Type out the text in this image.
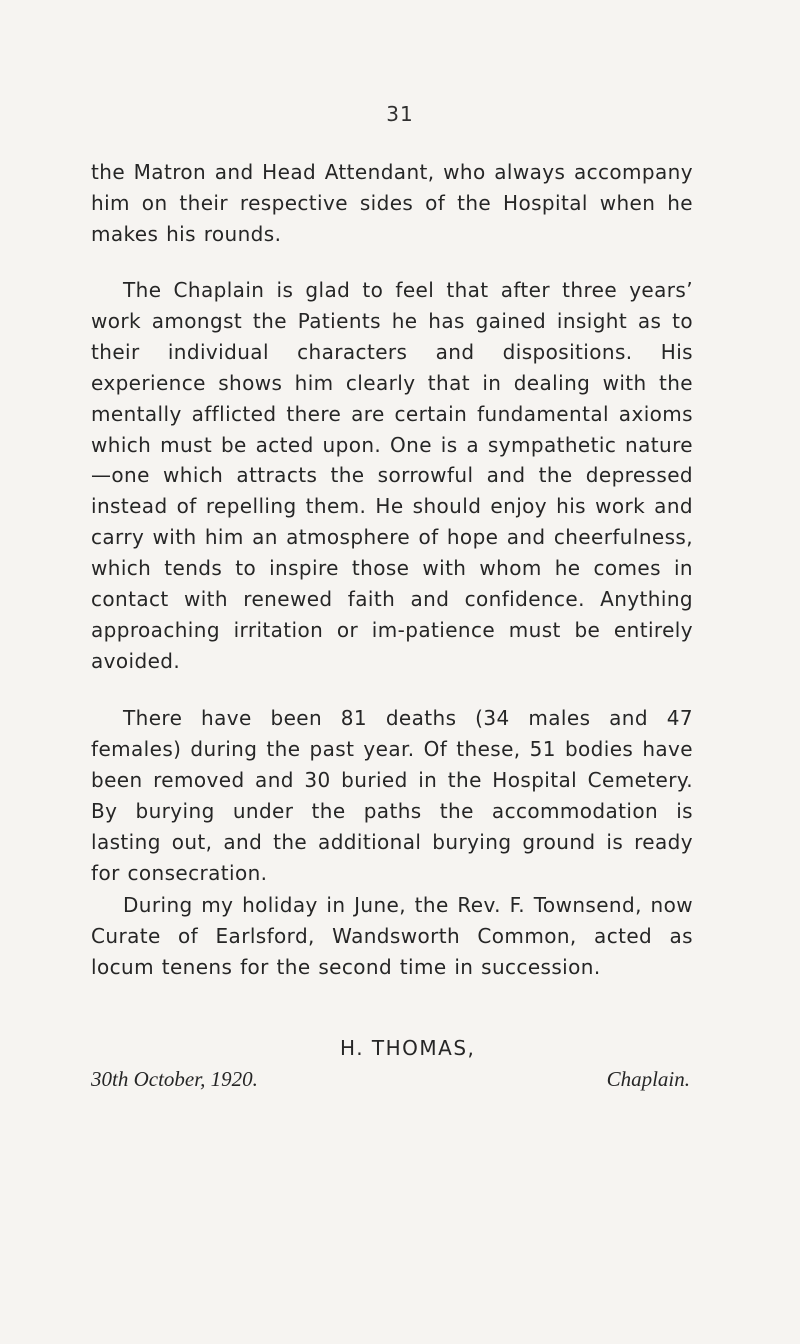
31

the Matron and Head Attendant, who always accompany him on their respective sides of the Hospital when he makes his rounds.

The Chaplain is glad to feel that after three years’ work amongst the Patients he has gained insight as to their individual characters and dispositions. His experience shows him clearly that in dealing with the mentally afflicted there are certain fundamental axioms which must be acted upon. One is a sympathetic nature—one which attracts the sorrowful and the depressed instead of repelling them. He should enjoy his work and carry with him an atmosphere of hope and cheerfulness, which tends to inspire those with whom he comes in contact with renewed faith and confidence. Anything approaching irritation or im-patience must be entirely avoided.

There have been 81 deaths (34 males and 47 females) during the past year. Of these, 51 bodies have been removed and 30 buried in the Hospital Cemetery. By burying under the paths the accommodation is lasting out, and the additional burying ground is ready for consecration.

During my holiday in June, the Rev. F. Townsend, now Curate of Earlsford, Wandsworth Common, acted as locum tenens for the second time in succession.

H. THOMAS,
30th October, 1920.	Chaplain.
